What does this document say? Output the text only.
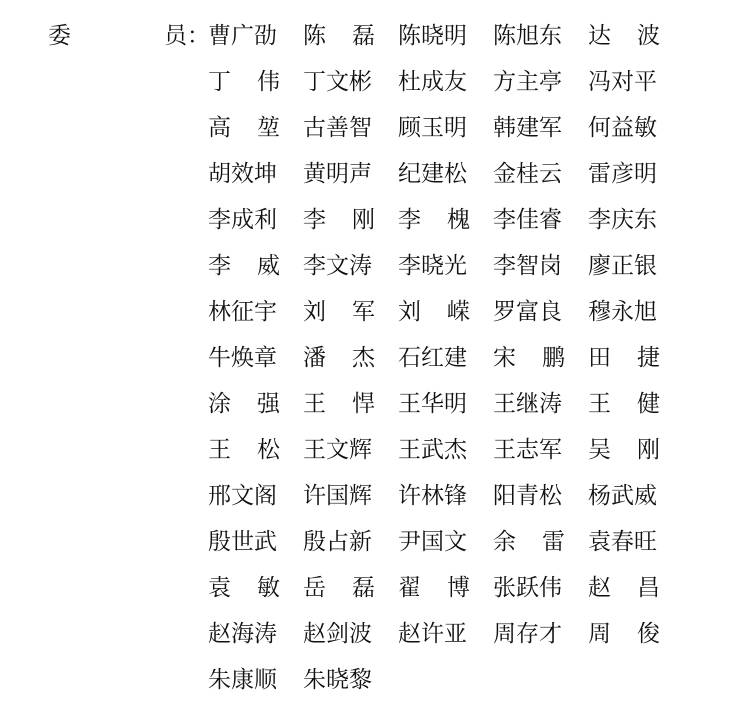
委	员：
曹广劭 陈 磊 陈晓明 陈旭东 达 波
丁 伟 丁文彬 杜成友 方主亭 冯对平
高 堃 古善智 顾玉明 韩建军 何益敏
胡效坤 黄明声 纪建松 金桂云 雷彦明
李成利 李 刚 李 槐 李佳睿 李庆东
李 威 李文涛 李晓光 李智岗 廖正银
林征宇 刘 军 刘 嵘 罗富良 穆永旭
牛焕章 潘 杰 石红建 宋 鹏 田 捷
涂 强 王 悍 王华明 王继涛 王 健
王 松 王文辉 王武杰 王志军 吴 刚
邢文阁 许国辉 许林锋 阳青松 杨武威
殷世武 殷占新 尹国文 余 雷 袁春旺
袁 敏 岳 磊 翟 博 张跃伟 赵 昌
赵海涛 赵剑波 赵许亚 周存才 周 俊
朱康顺 朱晓黎
